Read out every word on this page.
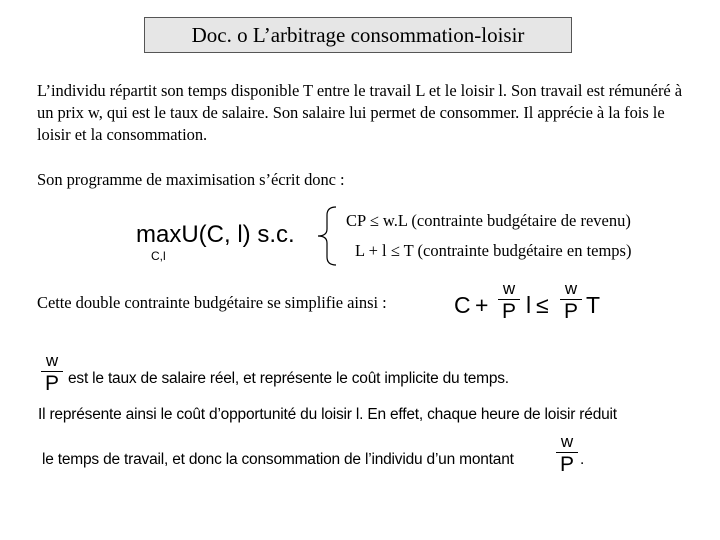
Doc. o L’arbitrage consommation-loisir
L’individu répartit son temps disponible T entre le travail L et le loisir l. Son travail est rémunéré à un prix w, qui est le taux de salaire. Son salaire lui permet de consommer. Il apprécie à la fois le loisir et la consommation.
Son programme de maximisation s’écrit donc :
maxU(C, l) s.c.
C,l
CP ≤ w.L (contrainte budgétaire de revenu)
L + l ≤ T (contrainte budgétaire en temps)
Cette double contrainte budgétaire se simplifie ainsi :	C +
w
P l ≤
w
P T
w
P est le taux de salaire réel, et représente le coût implicite du temps.
Il représente ainsi le coût d’opportunité du loisir l. En effet, chaque heure de loisir réduit
le temps de travail, et donc la consommation de l’individu d’un montant
w
P .
